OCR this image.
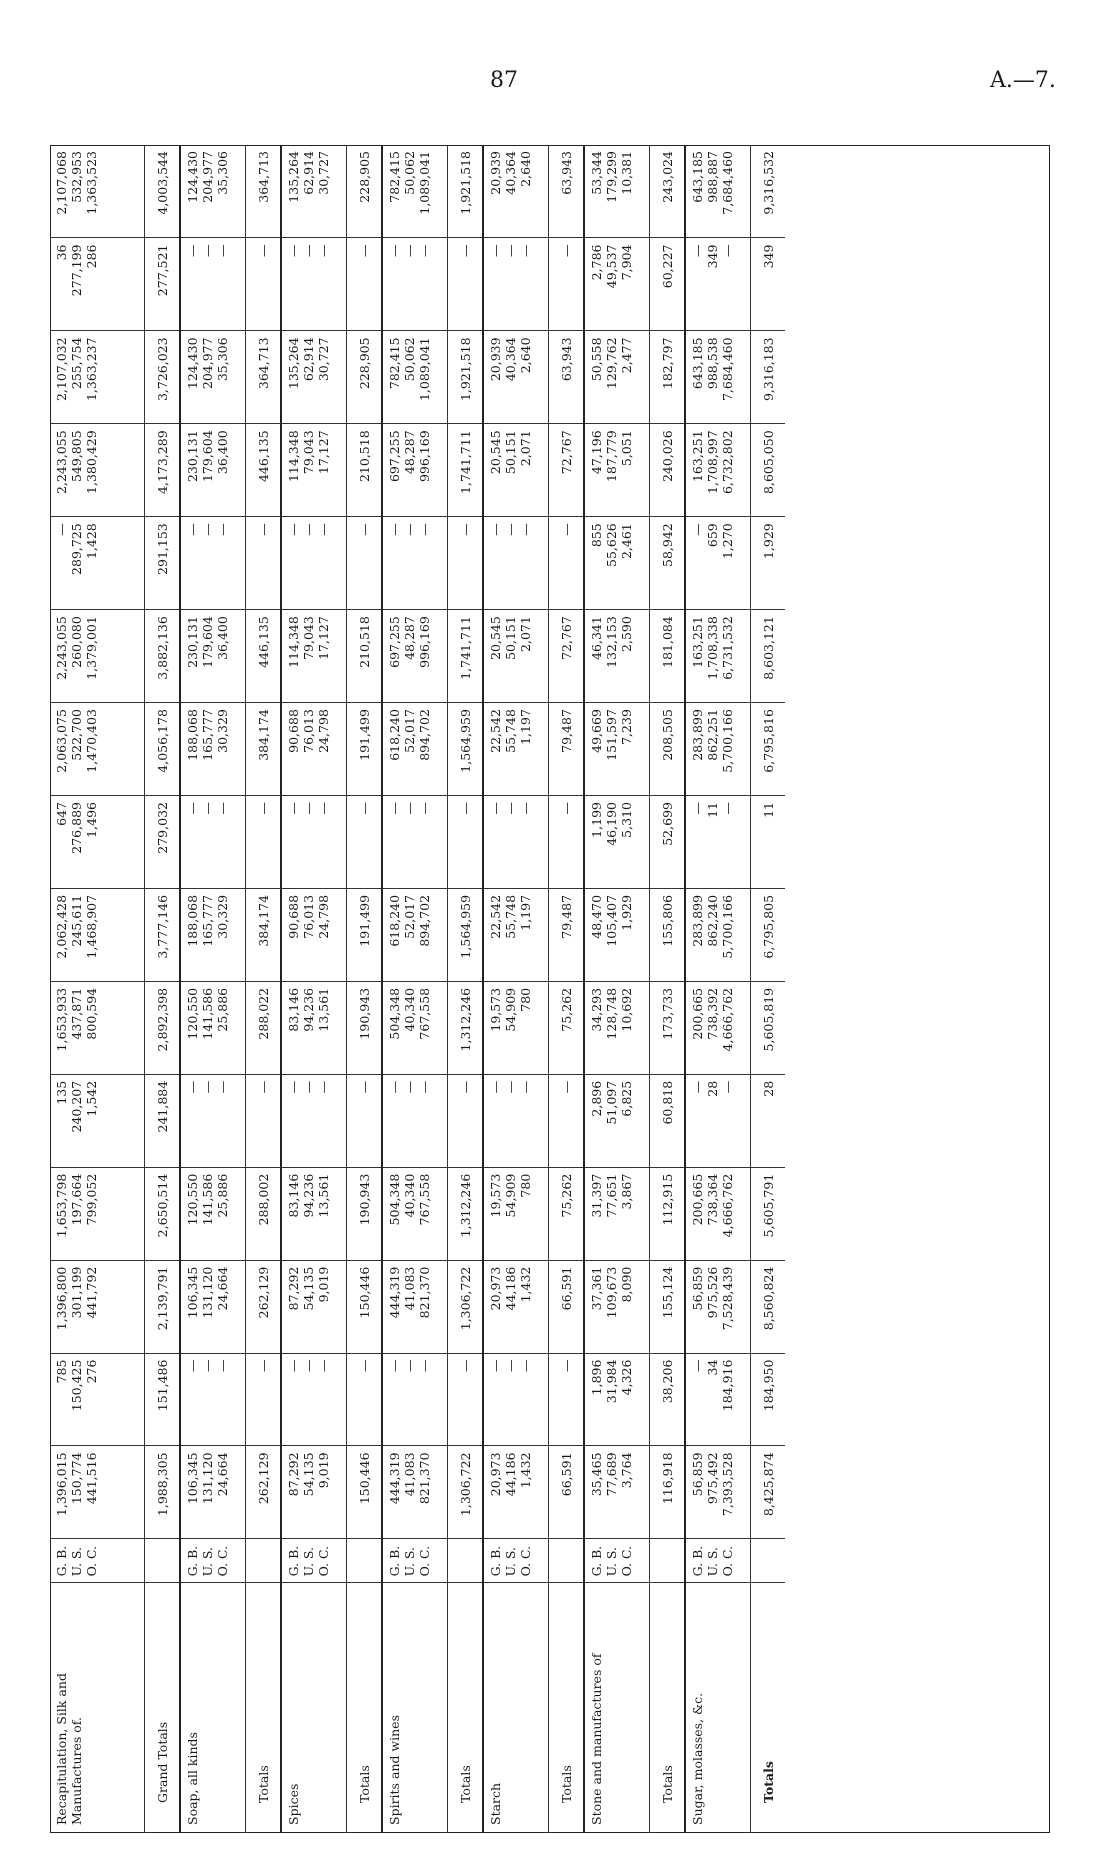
87	A.—7.
Recapitulation, Silk and Manufactures of.	G. B.
U. S.
O. C.	1,396,015
150,774
441,516	785
150,425
276	1,396,800
301,199
441,792	1,653,798
197,664
799,052	135
240,207
1,542	1,653,933
437,871
800,594	2,062,428
245,611
1,468,907	647
276,889
1,496	2,063,075
522,700
1,470,403	2,243,055
260,080
1,379,001	—
289,725
1,428	2,243,055
549,805
1,380,429	2,107,032
255,754
1,363,237	36
277,199
286	2,107,068
532,953
1,363,523
Grand Totals		1,988,305	151,486	2,139,791	2,650,514	241,884	2,892,398	3,777,146	279,032	4,056,178	3,882,136	291,153	4,173,289	3,726,023	277,521	4,003,544
Soap, all kinds	G. B.
U. S.
O. C.	106,345
131,120
24,664	—
—
—	106,345
131,120
24,664	120,550
141,586
25,886	—
—
—	120,550
141,586
25,886	188,068
165,777
30,329	—
—
—	188,068
165,777
30,329	230,131
179,604
36,400	—
—
—	230,131
179,604
36,400	124,430
204,977
35,306	—
—
—	124,430
204,977
35,306
Totals		262,129	—	262,129	288,002	—	288,022	384,174	—	384,174	446,135	—	446,135	364,713	—	364,713
Spices	G. B.
U. S.
O. C.	87,292
54,135
9,019	—
—
—	87,292
54,135
9,019	83,146
94,236
13,561	—
—
—	83,146
94,236
13,561	90,688
76,013
24,798	—
—
—	90,688
76,013
24,798	114,348
79,043
17,127	—
—
—	114,348
79,043
17,127	135,264
62,914
30,727	—
—
—	135,264
62,914
30,727
Totals		150,446	—	150,446	190,943	—	190,943	191,499	—	191,499	210,518	—	210,518	228,905	—	228,905
Spirits and wines	G. B.
U. S.
O. C.	444,319
41,083
821,370	—
—
—	444,319
41,083
821,370	504,348
40,340
767,558	—
—
—	504,348
40,340
767,558	618,240
52,017
894,702	—
—
—	618,240
52,017
894,702	697,255
48,287
996,169	—
—
—	697,255
48,287
996,169	782,415
50,062
1,089,041	—
—
—	782,415
50,062
1,089,041
Totals		1,306,722	—	1,306,722	1,312,246	—	1,312,246	1,564,959	—	1,564,959	1,741,711	—	1,741,711	1,921,518	—	1,921,518
Starch	G. B.
U. S.
O. C.	20,973
44,186
1,432	—
—
—	20,973
44,186
1,432	19,573
54,909
780	—
—
—	19,573
54,909
780	22,542
55,748
1,197	—
—
—	22,542
55,748
1,197	20,545
50,151
2,071	—
—
—	20,545
50,151
2,071	20,939
40,364
2,640	—
—
—	20,939
40,364
2,640
Totals		66,591	—	66,591	75,262	—	75,262	79,487	—	79,487	72,767	—	72,767	63,943	—	63,943
Stone and manufactures of	G. B.
U. S.
O. C.	35,465
77,689
3,764	1,896
31,984
4,326	37,361
109,673
8,090	31,397
77,651
3,867	2,896
51,097
6,825	34,293
128,748
10,692	48,470
105,407
1,929	1,199
46,190
5,310	49,669
151,597
7,239	46,341
132,153
2,590	855
55,626
2,461	47,196
187,779
5,051	50,558
129,762
2,477	2,786
49,537
7,904	53,344
179,299
10,381
Totals		116,918	38,206	155,124	112,915	60,818	173,733	155,806	52,699	208,505	181,084	58,942	240,026	182,797	60,227	243,024
Sugar, molasses, &c.	G. B.
U. S.
O. C.	56,859
975,492
7,393,528	—
34
184,916	56,859
975,526
7,528,439	200,665
738,364
4,666,762	—
28
—	200,665
738,392
4,666,762	283,899
862,240
5,700,166	—
11
—	283,899
862,251
5,700,166	163,251
1,708,338
6,731,532	—
659
1,270	163,251
1,708,997
6,732,802	643,185
988,538
7,684,460	—
349
—	643,185
988,887
7,684,460
Totals		8,425,874	184,950	8,560,824	5,605,791	28	5,605,819	6,795,805	11	6,795,816	8,603,121	1,929	8,605,050	9,316,183	349	9,316,532
